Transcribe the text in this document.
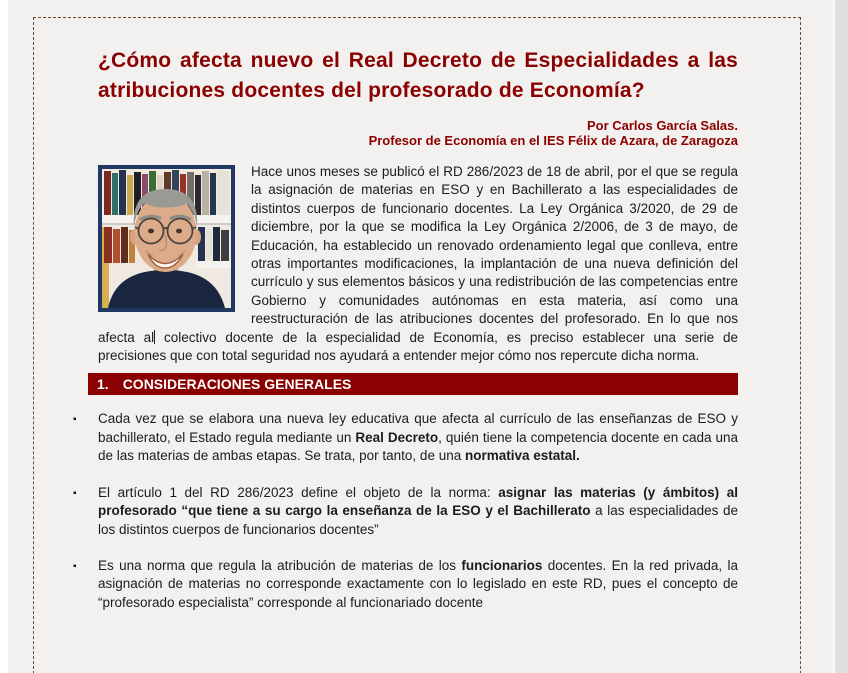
¿Cómo afecta nuevo el Real Decreto de Especialidades a las atribuciones docentes del profesorado de Economía?
Por Carlos García Salas.
Profesor de Economía en el IES Félix de Azara, de Zaragoza
Hace unos meses se publicó el RD 286/2023 de 18 de abril, por el que se regula la asignación de materias en ESO y en Bachillerato a las especialidades de distintos cuerpos de funcionario docentes. La Ley Orgánica 3/2020, de 29 de diciembre, por la que se modifica la Ley Orgánica 2/2006, de 3 de mayo, de Educación, ha establecido un renovado ordenamiento legal que conlleva, entre otras importantes modificaciones, la implantación de una nueva definición del currículo y sus elementos básicos y una redistribución de las competencias entre Gobierno y comunidades autónomas en esta materia, así como una reestructuración de las atribuciones docentes del profesorado. En lo que nos afecta al colectivo docente de la especialidad de Economía, es preciso establecer una serie de precisiones que con total seguridad nos ayudará a entender mejor cómo nos repercute dicha norma.
1. CONSIDERACIONES GENERALES
▪ Cada vez que se elabora una nueva ley educativa que afecta al currículo de las enseñanzas de ESO y bachillerato, el Estado regula mediante un Real Decreto, quién tiene la competencia docente en cada una de las materias de ambas etapas. Se trata, por tanto, de una normativa estatal.
▪ El artículo 1 del RD 286/2023 define el objeto de la norma: asignar las materias (y ámbitos) al profesorado “que tiene a su cargo la enseñanza de la ESO y el Bachillerato a las especialidades de los distintos cuerpos de funcionarios docentes”
▪ Es una norma que regula la atribución de materias de los funcionarios docentes. En la red privada, la asignación de materias no corresponde exactamente con lo legislado en este RD, pues el concepto de “profesorado especialista” corresponde al funcionariado docente
